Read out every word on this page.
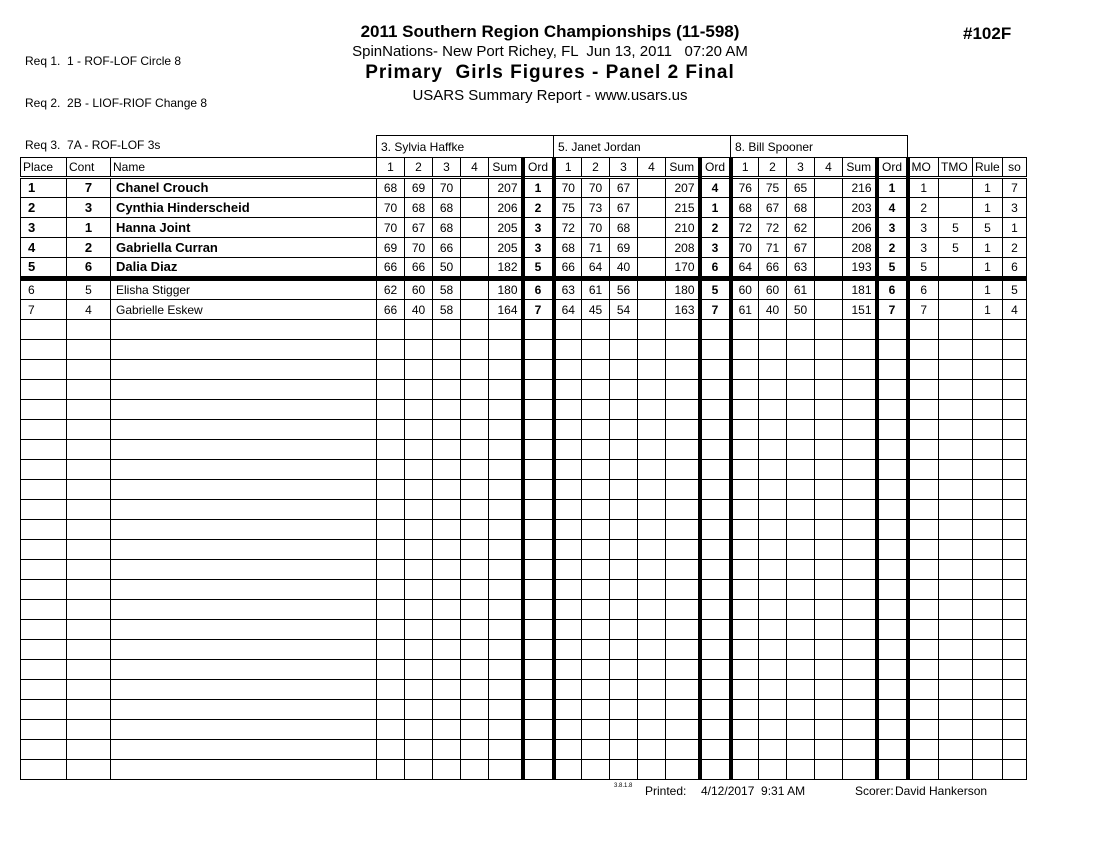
Req 1.  1 - ROF-LOF Circle 8

Req 2.  2B - LIOF-RIOF Change 8

Req 3.  7A - ROF-LOF 3s

#102F
2011 Southern Region Championships (11-598)
SpinNations- New Port Richey, FL  Jun 13, 2011   07:20 AM
Primary  Girls Figures - Panel 2 Final
USARS Summary Report - www.usars.us
			3. Sylvia Haffke						5. Janet Jordan						8. Bill Spooner									
Place	Cont	Name	1	2	3	4	Sum	Ord	1	2	3	4	Sum	Ord	1	2	3	4	Sum	Ord	MO	TMO	Rule	so
1	7	Chanel Crouch	68	69	70		207	1	70	70	67		207	4	76	75	65		216	1	1		1	7
2	3	Cynthia Hinderscheid	70	68	68		206	2	75	73	67		215	1	68	67	68		203	4	2		1	3
3	1	Hanna Joint	70	67	68		205	3	72	70	68		210	2	72	72	62		206	3	3	5	5	1
4	2	Gabriella Curran	69	70	66		205	3	68	71	69		208	3	70	71	67		208	2	3	5	1	2
5	6	Dalia Diaz	66	66	50		182	5	66	64	40		170	6	64	66	63		193	5	5		1	6
6	5	Elisha Stigger	62	60	58		180	6	63	61	56		180	5	60	60	61		181	6	6		1	5
7	4	Gabrielle Eskew	66	40	58		164	7	64	45	54		163	7	61	40	50		151	7	7		1	4

3.8.1.8 Printed: 4/12/2017  9:31 AM	Scorer: David Hankerson
